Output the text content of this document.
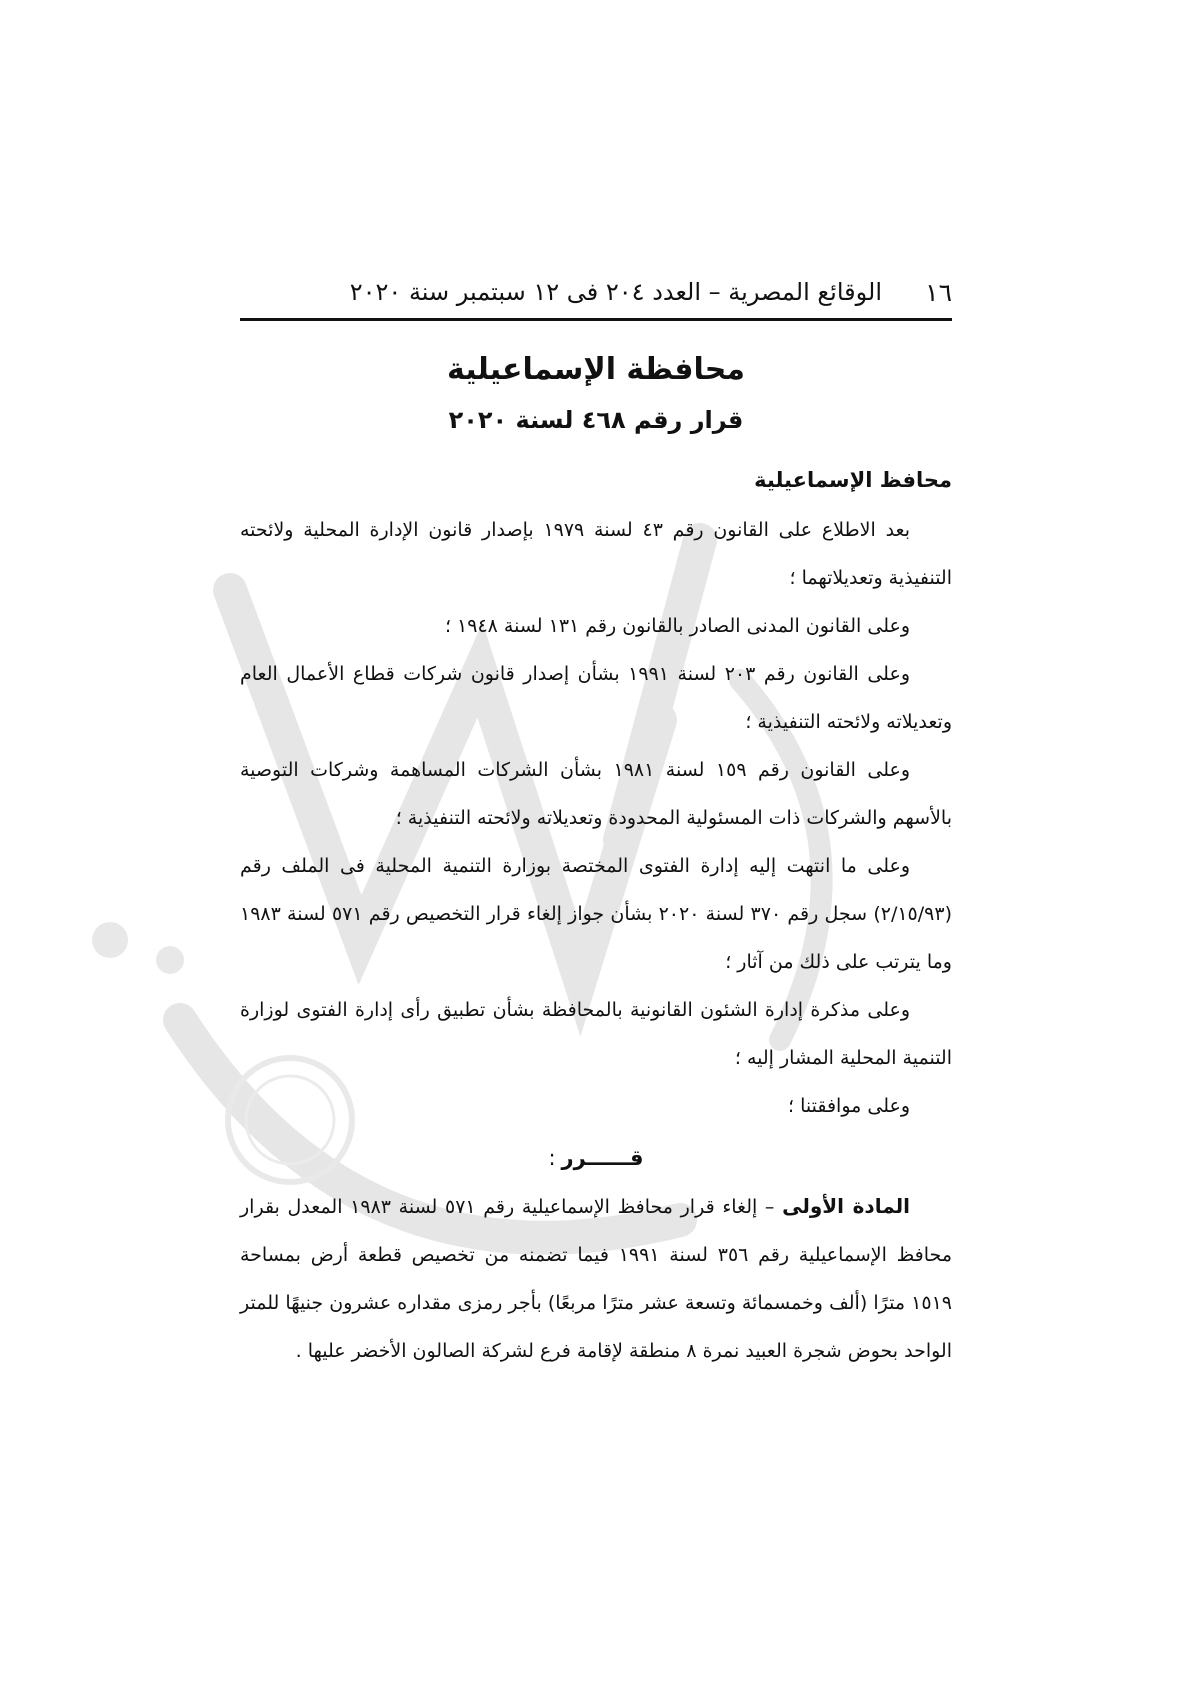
١٦
الوقائع المصرية – العدد ٢٠٤ فى ١٢ سبتمبر سنة ٢٠٢٠
محافظة الإسماعيلية
قرار رقم ٤٦٨ لسنة ٢٠٢٠
محافظ الإسماعيلية

بعد الاطلاع على القانون رقم ٤٣ لسنة ١٩٧٩ بإصدار قانون الإدارة المحلية ولائحته التنفيذية وتعديلاتهما ؛

وعلى القانون المدنى الصادر بالقانون رقم ١٣١ لسنة ١٩٤٨ ؛

وعلى القانون رقم ٢٠٣ لسنة ١٩٩١ بشأن إصدار قانون شركات قطاع الأعمال العام وتعديلاته ولائحته التنفيذية ؛

وعلى القانون رقم ١٥٩ لسنة ١٩٨١ بشأن الشركات المساهمة وشركات التوصية بالأسهم والشركات ذات المسئولية المحدودة وتعديلاته ولائحته التنفيذية ؛

وعلى ما انتهت إليه إدارة الفتوى المختصة بوزارة التنمية المحلية فى الملف رقم (٢/١٥/٩٣) سجل رقم ٣٧٠ لسنة ٢٠٢٠ بشأن جواز إلغاء قرار التخصيص رقم ٥٧١ لسنة ١٩٨٣ وما يترتب على ذلك من آثار ؛

وعلى مذكرة إدارة الشئون القانونية بالمحافظة بشأن تطبيق رأى إدارة الفتوى لوزارة التنمية المحلية المشار إليه ؛

وعلى موافقتنا ؛

قــــــرر:

المادة الأولى – إلغاء قرار محافظ الإسماعيلية رقم ٥٧١ لسنة ١٩٨٣ المعدل بقرار محافظ الإسماعيلية رقم ٣٥٦ لسنة ١٩٩١ فيما تضمنه من تخصيص قطعة أرض بمساحة ١٥١٩ مترًا (ألف وخمسمائة وتسعة عشر مترًا مربعًا) بأجر رمزى مقداره عشرون جنيهًا للمتر الواحد بحوض شجرة العبيد نمرة ٨ منطقة لإقامة فرع لشركة الصالون الأخضر عليها .
